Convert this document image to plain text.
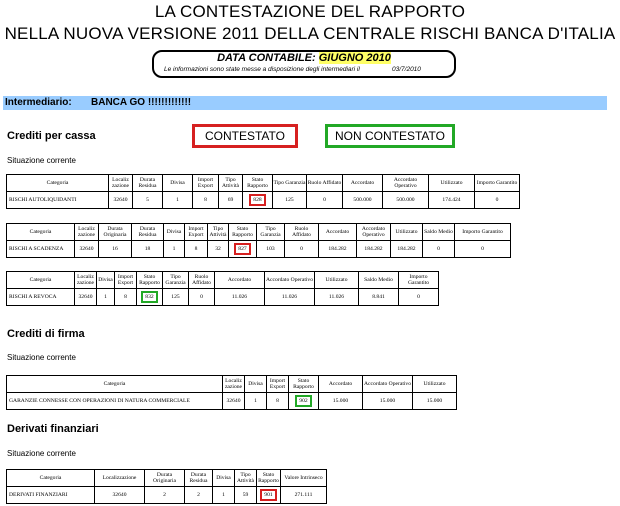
LA CONTESTAZIONE DEL RAPPORTO
NELLA NUOVA VERSIONE 2011 DELLA CENTRALE RISCHI BANCA D'ITALIA
DATA CONTABILE: GIUGNO 2010
Le informazioni sono state messe a disposizione degli intermediari il	03/7/2010
Intermediario: BANCA GO !!!!!!!!!!!!!
Crediti per cassa	CONTESTATO	NON CONTESTATO
Situazione corrente
Categoria	Localiz zazione	Durata Residua	Divisa	Import Export	Tipo Attività	Stato Rapporto	Tipo Garanzia	Ruolo Affidato	Accordato	Accordato Operativo	Utilizzato	Importo Garantito
RISCHI AUTOLIQUIDANTI	32640	5	1	8	69	828	125	0	500.000	500.000	174.424	0
Categoria	Localiz zazione	Durata Originaria	Durata Residua	Divisa	Import Export	Tipo Attività	Stato Rapporto	Tipo Garanzia	Ruolo Affidato	Accordato	Accordato Operativo	Utilizzato	Saldo Medio	Importo Garantito
RISCHI A SCADENZA	32640	16	18	1	8	32	827	103	0	184.282	184.282	184.282	0	0
Categoria	Localiz zazione	Divisa	Import Export	Stato Rapporto	Tipo Garanzia	Ruolo Affidato	Accordato	Accordato Operativo	Utilizzato	Saldo Medio	Importo Garantito
RISCHI A REVOCA	32640	1	8	832	125	0	11.026	11.026	11.026	8.841	0
Crediti di firma
Situazione corrente
Categoria	Localiz zazione	Divisa	Import Export	Stato Rapporto	Accordato	Accordato Operativo	Utilizzato
GARANZIE CONNESSE CON OPERAZIONI DI NATURA COMMERCIALE	32640	1	8	902	15.000	15.000	15.000
Derivati finanziari
Situazione corrente
Categoria	Localizzazione	Durata Originaria	Durata Residua	Divisa	Tipo Attività	Stato Rapporto	Valore Intrinseco
DERIVATI FINANZIARI	32640	2	2	1	59	901	271.111
